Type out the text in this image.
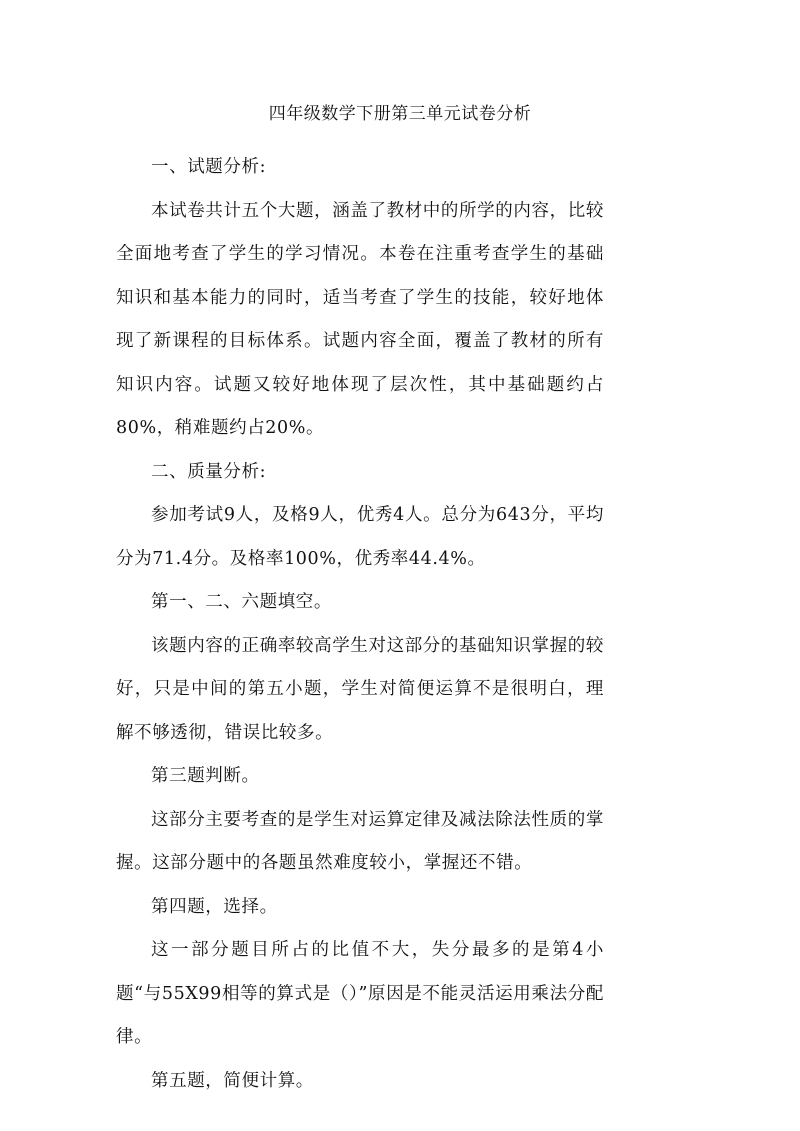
四年级数学下册第三单元试卷分析

一、试题分析:

本试卷共计五个大题，涵盖了教材中的所学的内容，比较全面地考查了学生的学习情况。本卷在注重考查学生的基础知识和基本能力的同时，适当考查了学生的技能，较好地体现了新课程的目标体系。试题内容全面，覆盖了教材的所有知识内容。试题又较好地体现了层次性，其中基础题约占80%，稍难题约占20%。

二、质量分析:

参加考试9人，及格9人，优秀4人。总分为643分，平均分为71.4分。及格率100%，优秀率44.4%。

第一、二、六题填空。

该题内容的正确率较高学生对这部分的基础知识掌握的较好，只是中间的第五小题，学生对简便运算不是很明白，理解不够透彻，错误比较多。

第三题判断。

这部分主要考查的是学生对运算定律及减法除法性质的掌握。这部分题中的各题虽然难度较小，掌握还不错。

第四题，选择。

这一部分题目所占的比值不大，失分最多的是第4小题“与55X99相等的算式是（）”原因是不能灵活运用乘法分配律。

第五题，简便计算。
